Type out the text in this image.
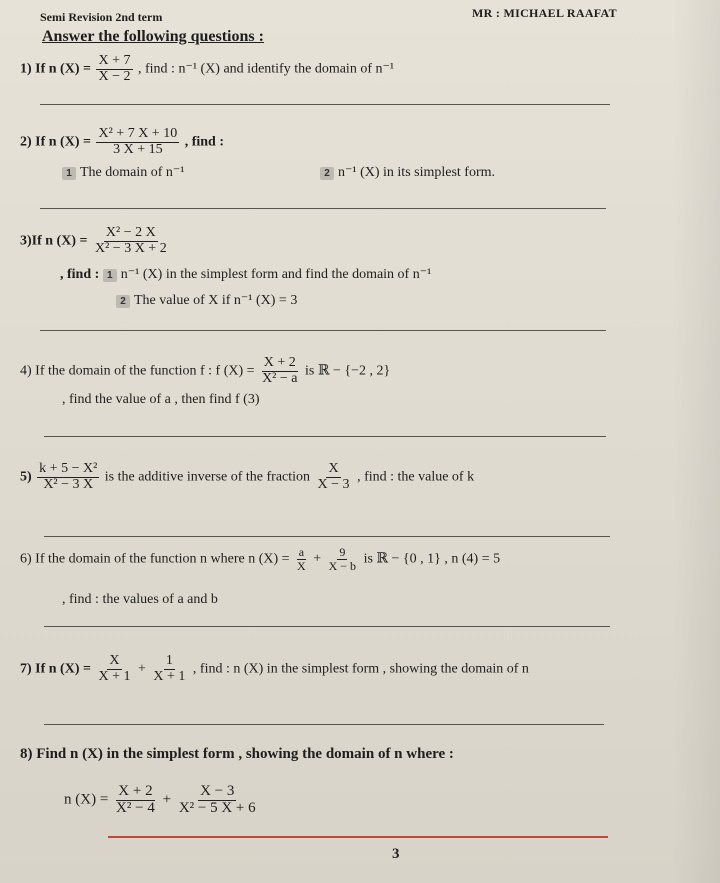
Semi Revision 2nd term	MR : MICHAEL RAAFAT
Answer the following questions :
1) If n $(X) = \frac{X + 7}{X - 2}$ , find : n⁻¹ (X) and identify the domain of n⁻¹
2) If n $(X) = \frac{\text{X² + 7 X + 10}}{3 X + 15}$ , find :
1 The domain of n⁻¹	2 n⁻¹ (X) in its simplest form.
3)If n $(X) = \frac{\text{X² − 2 X}}{\text{X² − 3 X + 2}}$
, find : 1 n⁻¹ (X) in the simplest form and find the domain of n⁻¹
2 The value of X if n⁻¹ (X) = 3
4) If the domain of the function f : f $(X) = \frac{X + 2}{\text{X² − a}}$ is ℝ − {−2 , 2}
, find the value of a , then find f (3)
$5) \frac{\text{k + 5 − X²}}{\text{X² − 3 X}}$ is the additive inverse of the fraction $\frac{X}{X - 3}$ , find : the value of k
6) If the domain of the function n where n $(X) = \frac{a}{X} + \frac{9}{X - b}$ is ℝ − {0 , 1} , n (4) = 5
, find : the values of a and b
7) If n $(X) = \frac{X}{X + 1} + \frac{1}{X + 1}$ , find : n (X) in the simplest form , showing the domain of n
8) Find n (X) in the simplest form , showing the domain of n where :
n $(X) = \frac{X + 2}{\text{X² − 4}} + \frac{X - 3}{\text{X² − 5 X + 6}}$
3
